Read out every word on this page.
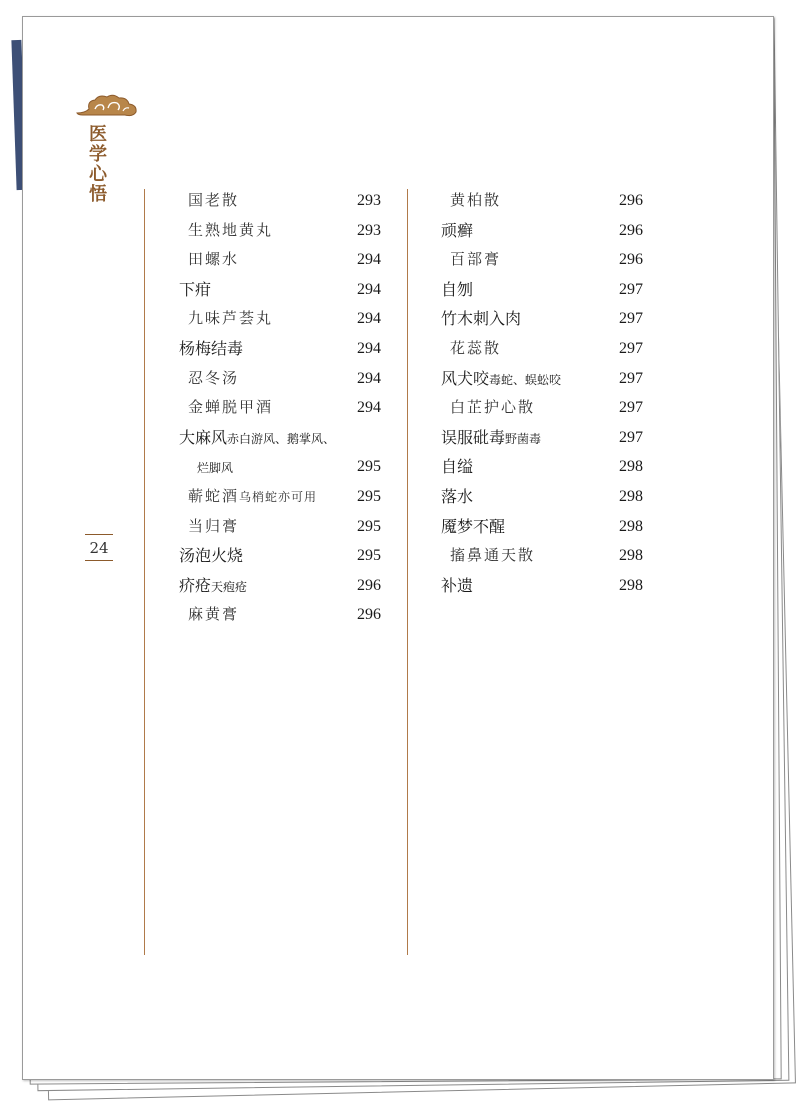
医学心悟
24
国老散	293
生熟地黄丸	293
田螺水	294
下疳	294
九味芦荟丸	294
杨梅结毒	294
忍冬汤	294
金蝉脱甲酒	294
大麻风赤白游风、鹅掌风、
烂脚风	295
蕲蛇酒乌梢蛇亦可用 295
当归膏	295
汤泡火烧	295
疥疮天疱疮	296
麻黄膏	296
黄柏散	296
顽癣	296
百部膏	296
自刎	297
竹木刺入肉	297
花蕊散	297
风犬咬毒蛇、蜈蚣咬	297
白芷护心散	297
误服砒毒野菌毒	297
自缢	298
落水	298
魇梦不醒	298
搐鼻通天散	298
补遗	298
